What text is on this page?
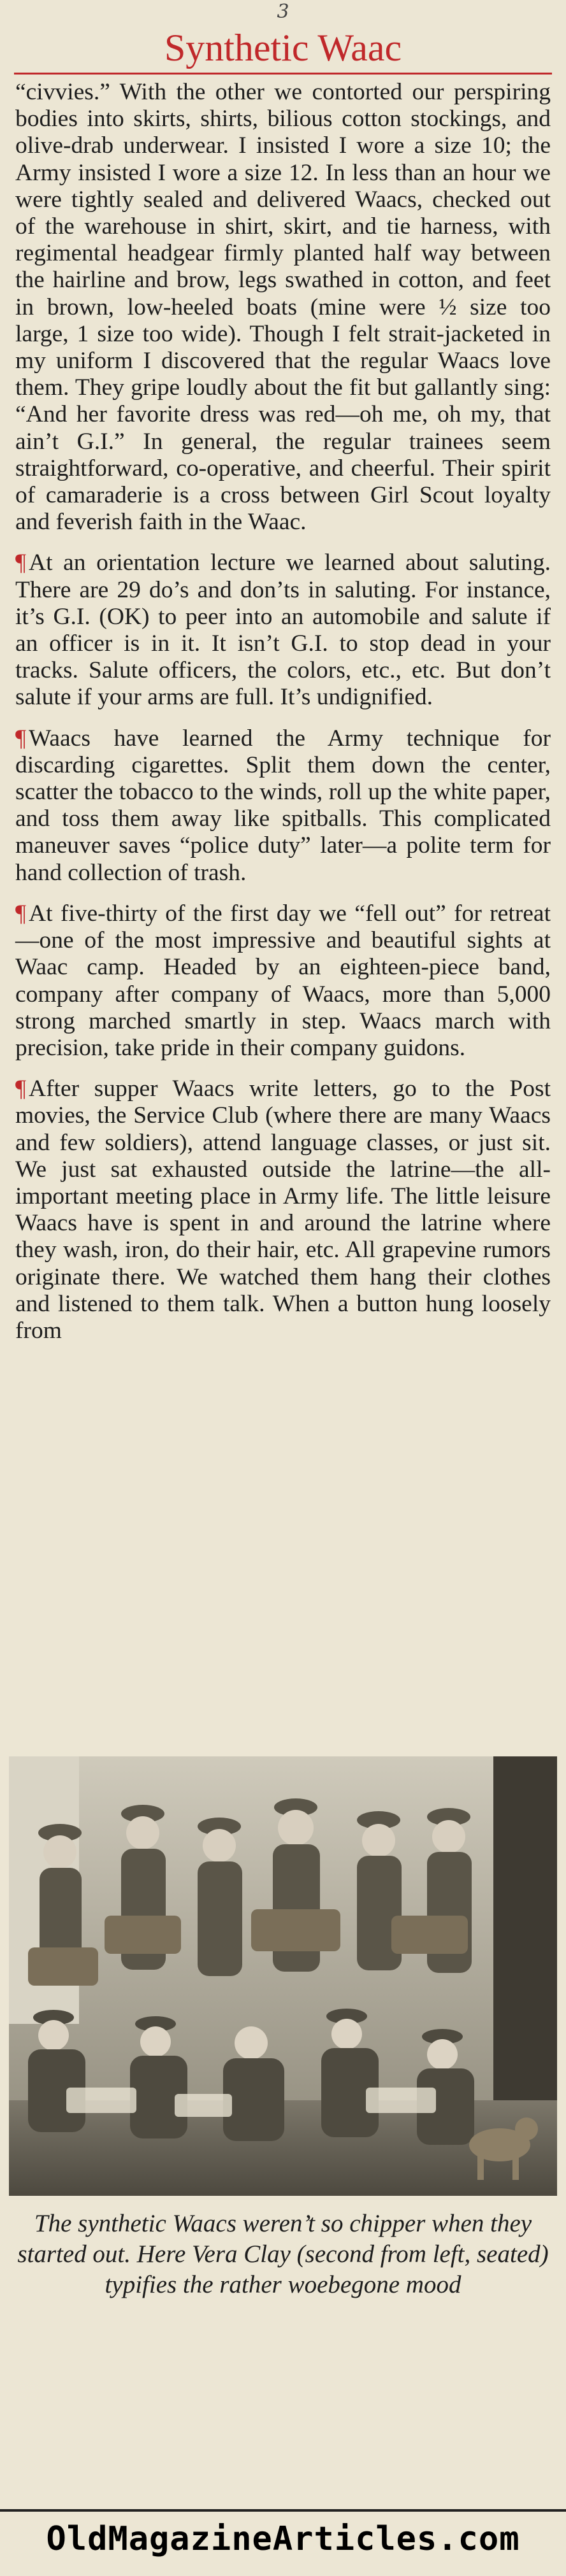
3
Synthetic Waac

“civvies.” With the other we contorted our perspiring bodies into skirts, shirts, bilious cotton stockings, and olive-drab underwear. I insisted I wore a size 10; the Army insisted I wore a size 12. In less than an hour we were tightly sealed and delivered Waacs, checked out of the warehouse in shirt, skirt, and tie harness, with regimental headgear firmly planted half way between the hairline and brow, legs swathed in cotton, and feet in brown, low-heeled boats (mine were ½ size too large, 1 size too wide). Though I felt strait-jacketed in my uniform I discovered that the regular Waacs love them. They gripe loudly about the fit but gallantly sing: “And her favorite dress was red—oh me, oh my, that ain’t G.I.” In general, the regular trainees seem straightforward, co-operative, and cheerful. Their spirit of camaraderie is a cross between Girl Scout loyalty and feverish faith in the Waac.

¶ At an orientation lecture we learned about saluting. There are 29 do’s and don’ts in saluting. For instance, it’s G.I. (OK) to peer into an automobile and salute if an officer is in it. It isn’t G.I. to stop dead in your tracks. Salute officers, the colors, etc., etc. But don’t salute if your arms are full. It’s undignified.

¶ Waacs have learned the Army technique for discarding cigarettes. Split them down the center, scatter the tobacco to the winds, roll up the white paper, and toss them away like spitballs. This complicated maneuver saves “police duty” later—a polite term for hand collection of trash.

¶ At five-thirty of the first day we “fell out” for retreat—one of the most impressive and beautiful sights at Waac camp. Headed by an eighteen-piece band, company after company of Waacs, more than 5,000 strong marched smartly in step. Waacs march with precision, take pride in their company guidons.

¶ After supper Waacs write letters, go to the Post movies, the Service Club (where there are many Waacs and few soldiers), attend language classes, or just sit. We just sat exhausted outside the latrine—the all-important meeting place in Army life. The little leisure Waacs have is spent in and around the latrine where they wash, iron, do their hair, etc. All grapevine rumors originate there. We watched them hang their clothes and listened to them talk. When a button hung loosely from

The synthetic Waacs weren’t so chipper when they started out. Here Vera Clay (second from left, seated) typifies the rather woebegone mood
OldMagazineArticles.com
